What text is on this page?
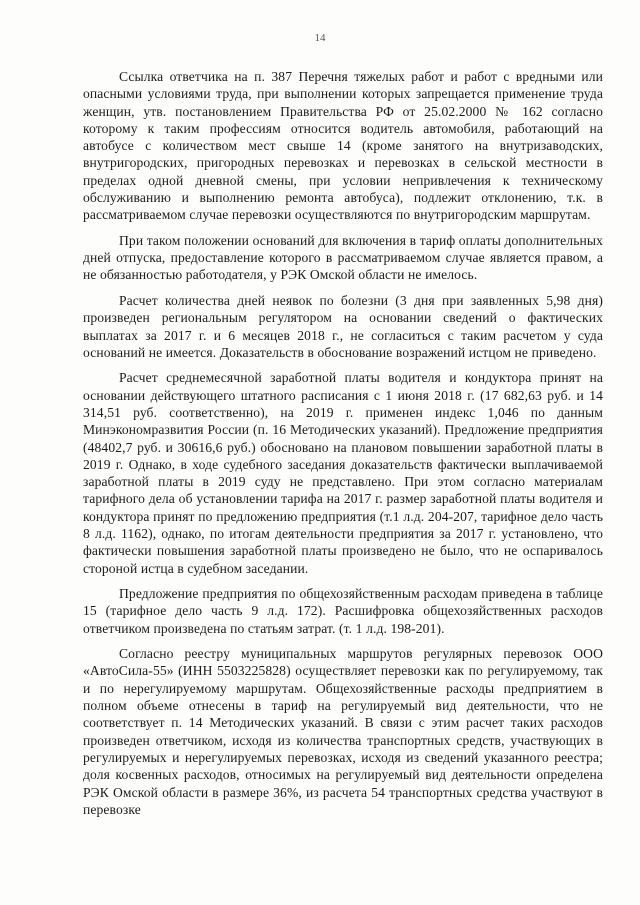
14

Ссылка ответчика на п. 387 Перечня тяжелых работ и работ с вредными или опасными условиями труда, при выполнении которых запрещается применение труда женщин, утв. постановлением Правительства РФ от 25.02.2000 № 162 согласно которому к таким профессиям относится водитель автомобиля, работающий на автобусе с количеством мест свыше 14 (кроме занятого на внутризаводских, внутригородских, пригородных перевозках и перевозках в сельской местности в пределах одной дневной смены, при условии непривлечения к техническому обслуживанию и выполнению ремонта автобуса), подлежит отклонению, т.к. в рассматриваемом случае перевозки осуществляются по внутригородским маршрутам.

При таком положении оснований для включения в тариф оплаты дополнительных дней отпуска, предоставление которого в рассматриваемом случае является правом, а не обязанностью работодателя, у РЭК Омской области не имелось.

Расчет количества дней неявок по болезни (3 дня при заявленных 5,98 дня) произведен региональным регулятором на основании сведений о фактических выплатах за 2017 г. и 6 месяцев 2018 г., не согласиться с таким расчетом у суда оснований не имеется. Доказательств в обоснование возражений истцом не приведено.

Расчет среднемесячной заработной платы водителя и кондуктора принят на основании действующего штатного расписания с 1 июня 2018 г. (17 682,63 руб. и 14 314,51 руб. соответственно), на 2019 г. применен индекс 1,046 по данным Минэкономразвития России (п. 16 Методических указаний). Предложение предприятия (48402,7 руб. и 30616,6 руб.) обосновано на плановом повышении заработной платы в 2019 г. Однако, в ходе судебного заседания доказательств фактически выплачиваемой заработной платы в 2019 суду не представлено. При этом согласно материалам тарифного дела об установлении тарифа на 2017 г. размер заработной платы водителя и кондуктора принят по предложению предприятия (т.1 л.д. 204-207, тарифное дело часть 8 л.д. 1162), однако, по итогам деятельности предприятия за 2017 г. установлено, что фактически повышения заработной платы произведено не было, что не оспаривалось стороной истца в судебном заседании.

Предложение предприятия по общехозяйственным расходам приведена в таблице 15 (тарифное дело часть 9 л.д. 172). Расшифровка общехозяйственных расходов ответчиком произведена по статьям затрат. (т. 1 л.д. 198-201).

Согласно реестру муниципальных маршрутов регулярных перевозок ООО «АвтоСила-55» (ИНН 5503225828) осуществляет перевозки как по регулируемому, так и по нерегулируемому маршрутам. Общехозяйственные расходы предприятием в полном объеме отнесены в тариф на регулируемый вид деятельности, что не соответствует п. 14 Методических указаний. В связи с этим расчет таких расходов произведен ответчиком, исходя из количества транспортных средств, участвующих в регулируемых и нерегулируемых перевозках, исходя из сведений указанного реестра; доля косвенных расходов, относимых на регулируемый вид деятельности определена РЭК Омской области в размере 36%, из расчета 54 транспортных средства участвуют в перевозке
